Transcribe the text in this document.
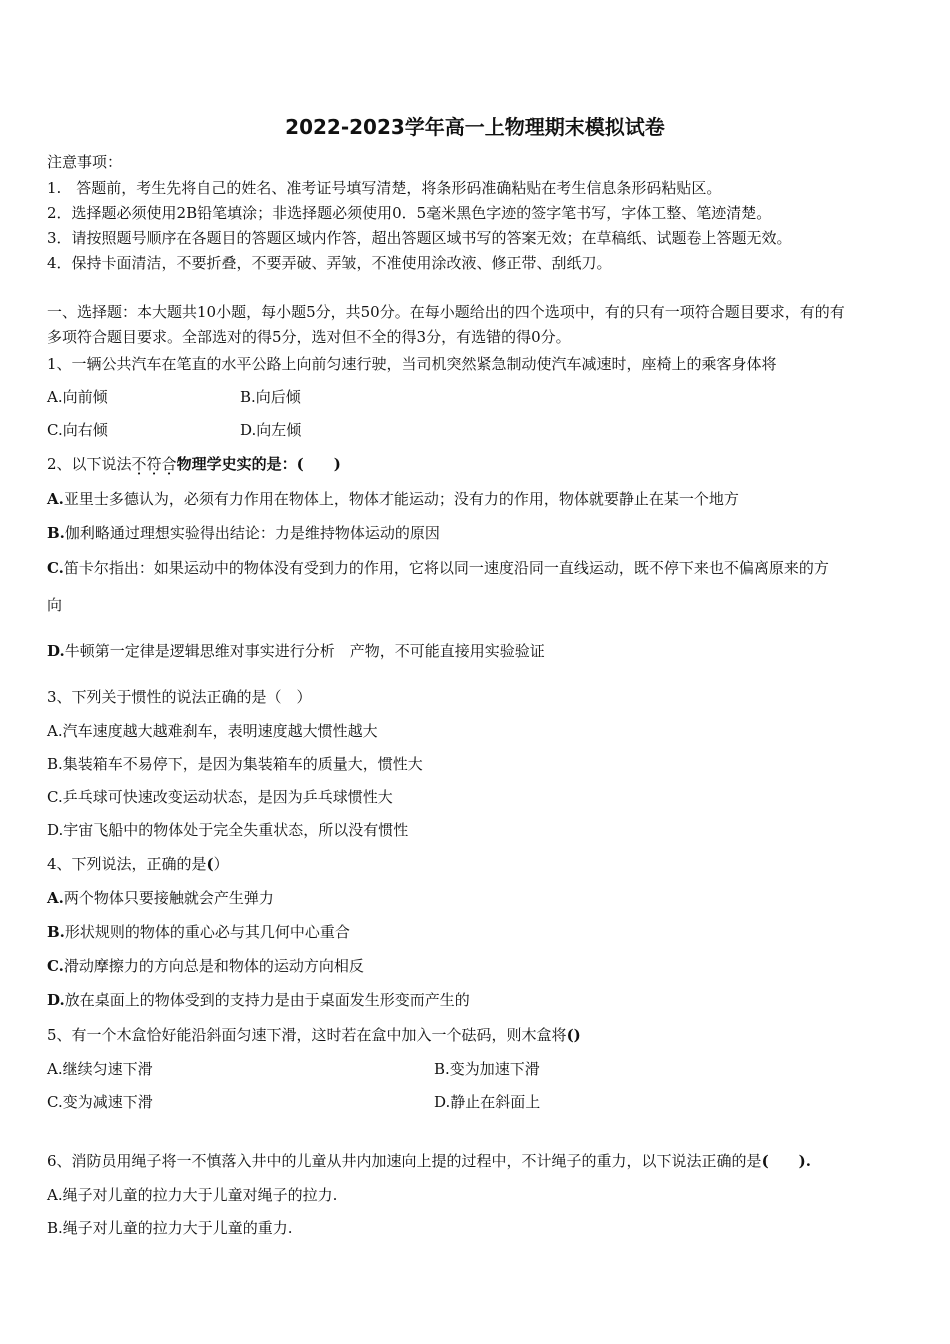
2022-2023学年高一上物理期末模拟试卷
注意事项：
1.　答题前，考生先将自己的姓名、准考证号填写清楚，将条形码准确粘贴在考生信息条形码粘贴区。
2．选择题必须使用2B铅笔填涂；非选择题必须使用0．5毫米黑色字迹的签字笔书写，字体工整、笔迹清楚。
3．请按照题号顺序在各题目的答题区域内作答，超出答题区域书写的答案无效；在草稿纸、试题卷上答题无效。
4．保持卡面清洁，不要折叠，不要弄破、弄皱，不准使用涂改液、修正带、刮纸刀。
一、选择题：本大题共10小题，每小题5分，共50分。在每小题给出的四个选项中，有的只有一项符合题目要求，有的有
多项符合题目要求。全部选对的得5分，选对但不全的得3分，有选错的得0分。
1、一辆公共汽车在笔直的水平公路上向前匀速行驶，当司机突然紧急制动使汽车减速时，座椅上的乘客身体将
A.向前倾	B.向后倾
C.向右倾	D.向左倾
2、以下说法不符合物理学史实的是：(　　)
A.亚里士多德认为，必须有力作用在物体上，物体才能运动；没有力的作用，物体就要静止在某一个地方
B.伽利略通过理想实验得出结论：力是维持物体运动的原因
C.笛卡尔指出：如果运动中的物体没有受到力的作用，它将以同一速度沿同一直线运动，既不停下来也不偏离原来的方
向
D.牛顿第一定律是逻辑思维对事实进行分析　产物，不可能直接用实验验证
3、下列关于惯性的说法正确的是（　）
A.汽车速度越大越难刹车，表明速度越大惯性越大
B.集装箱车不易停下，是因为集装箱车的质量大，惯性大
C.乒乓球可快速改变运动状态，是因为乒乓球惯性大
D.宇宙飞船中的物体处于完全失重状态，所以没有惯性
4、下列说法，正确的是(）
A.两个物体只要接触就会产生弹力
B.形状规则的物体的重心必与其几何中心重合
C.滑动摩擦力的方向总是和物体的运动方向相反
D.放在桌面上的物体受到的支持力是由于桌面发生形变而产生的
5、有一个木盒恰好能沿斜面匀速下滑，这时若在盒中加入一个砝码，则木盒将()
A.继续匀速下滑	B.变为加速下滑
C.变为减速下滑	D.静止在斜面上
6、消防员用绳子将一不慎落入井中的儿童从井内加速向上提的过程中，不计绳子的重力，以下说法正确的是(　　).
A.绳子对儿童的拉力大于儿童对绳子的拉力.
B.绳子对儿童的拉力大于儿童的重力.
